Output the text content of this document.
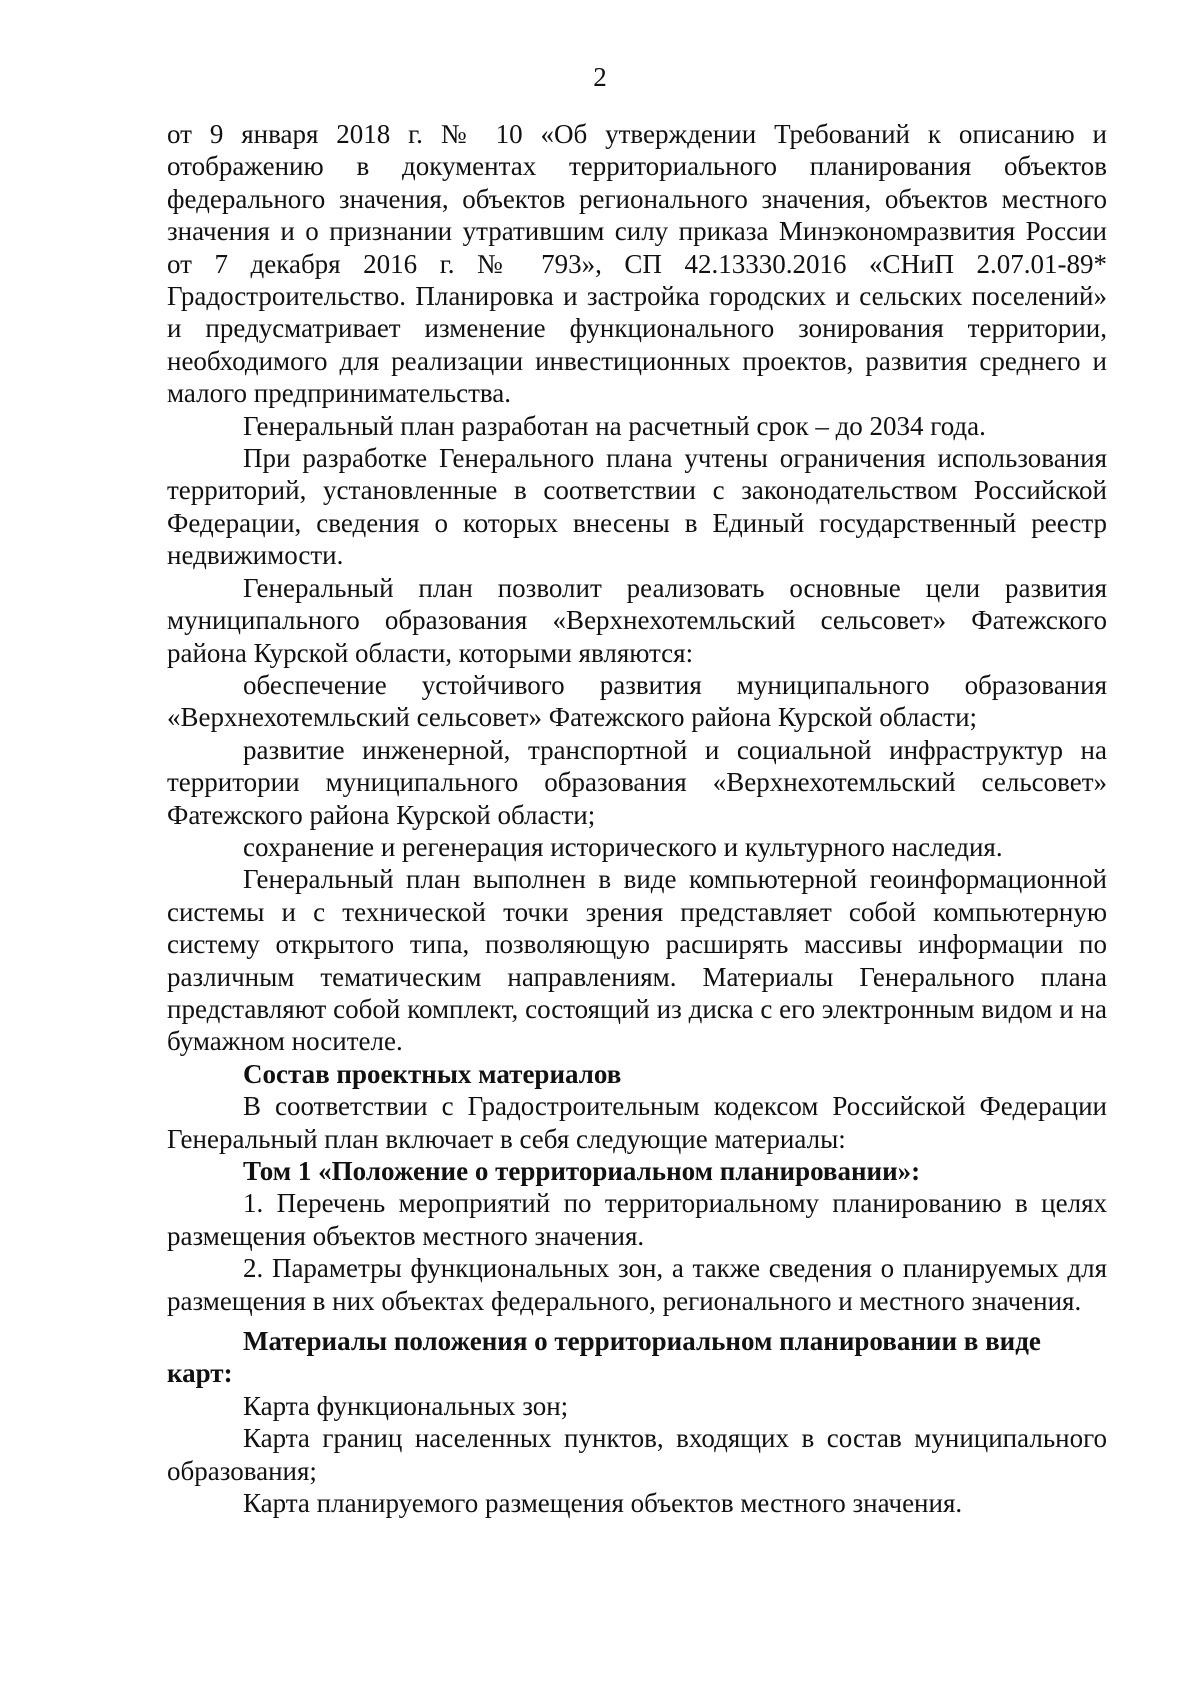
2

от 9 января 2018 г. № 10 «Об утверждении Требований к описанию и отображению в документах территориального планирования объектов федерального значения, объектов регионального значения, объектов местного значения и о признании утратившим силу приказа Минэкономразвития России от 7 декабря 2016 г. № 793», СП 42.13330.2016 «СНиП 2.07.01-89* Градостроительство. Планировка и застройка городских и сельских поселений» и предусматривает изменение функционального зонирования территории, необходимого для реализации инвестиционных проектов, развития среднего и малого предпринимательства.

Генеральный план разработан на расчетный срок – до 2034 года.

При разработке Генерального плана учтены ограничения использования территорий, установленные в соответствии с законодательством Российской Федерации, сведения о которых внесены в Единый государственный реестр недвижимости.

Генеральный план позволит реализовать основные цели развития муниципального образования «Верхнехотемльский сельсовет» Фатежского района Курской области, которыми являются:

обеспечение устойчивого развития муниципального образования «Верхнехотемльский сельсовет» Фатежского района Курской области;

развитие инженерной, транспортной и социальной инфраструктур на территории муниципального образования «Верхнехотемльский сельсовет» Фатежского района Курской области;

сохранение и регенерация исторического и культурного наследия.

Генеральный план выполнен в виде компьютерной геоинформационной системы и с технической точки зрения представляет собой компьютерную систему открытого типа, позволяющую расширять массивы информации по различным тематическим направлениям. Материалы Генерального плана представляют собой комплект, состоящий из диска с его электронным видом и на бумажном носителе.

Состав проектных материалов

В соответствии с Градостроительным кодексом Российской Федерации Генеральный план включает в себя следующие материалы:

Том 1 «Положение о территориальном планировании»:

1. Перечень мероприятий по территориальному планированию в целях размещения объектов местного значения.

2. Параметры функциональных зон, а также сведения о планируемых для размещения в них объектах федерального, регионального и местного значения.

Материалы положения о территориальном планировании в виде карт:

Карта функциональных зон;

Карта границ населенных пунктов, входящих в состав муниципального образования;

Карта планируемого размещения объектов местного значения.
